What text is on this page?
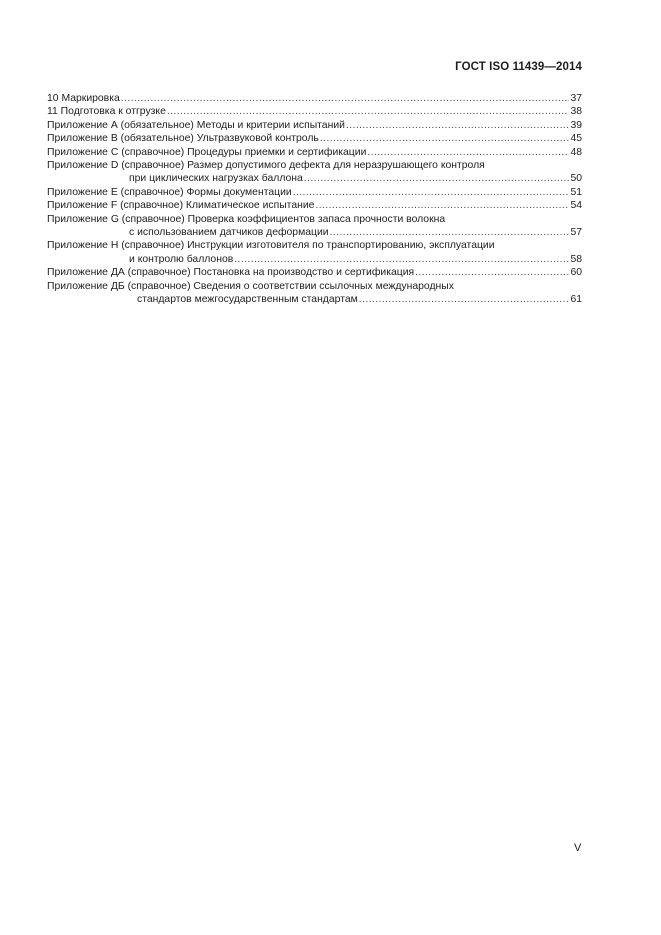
ГОСТ ISO 11439—2014
10 Маркировка .....	37
11 Подготовка к отгрузке .....	38
Приложение А (обязательное) Методы и критерии испытаний .....	39
Приложение В (обязательное) Ультразвуковой контроль .....	45
Приложение С (справочное) Процедуры приемки и сертификации .....	48
Приложение D (справочное) Размер допустимого дефекта для неразрушающего контроля
при циклических нагрузках баллона .....	50
Приложение Е (справочное) Формы документации .....	51
Приложение F (справочное) Климатическое испытание .....	54
Приложение G (справочное) Проверка коэффициентов запаса прочности волокна
с использованием датчиков деформации .....	57
Приложение Н (справочное) Инструкции изготовителя по транспортированию, эксплуатации
и контролю баллонов .....	58
Приложение ДА (справочное) Постановка на производство и сертификация .....	60
Приложение ДБ (справочное) Сведения о соответствии ссылочных международных
стандартов межгосударственным стандартам .....	61
V
